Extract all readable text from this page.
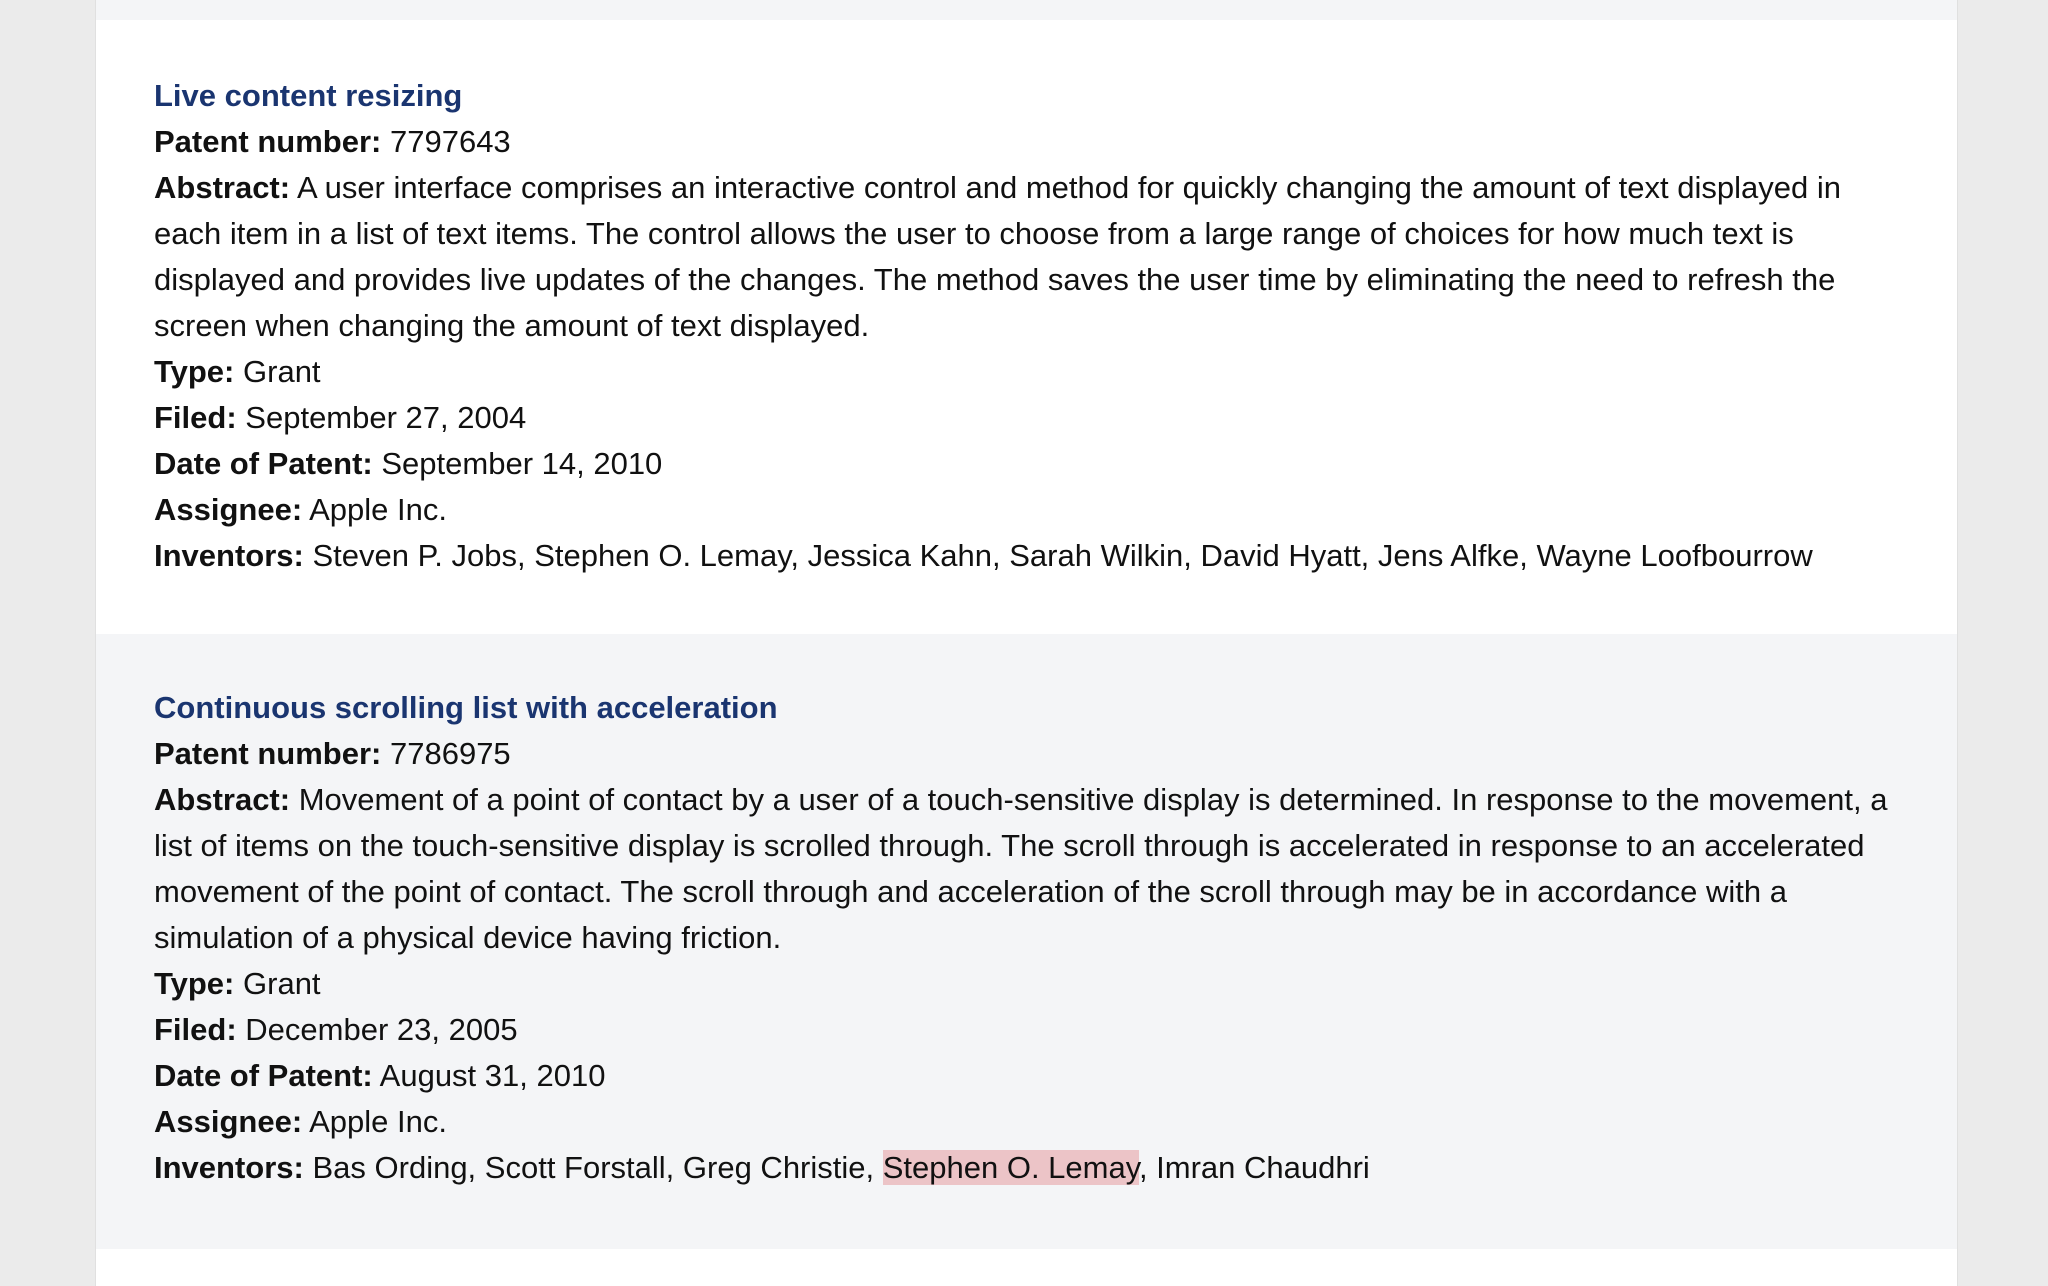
Live content resizing

Patent number: 7797643

Abstract: A user interface comprises an interactive control and method for quickly changing the amount of text displayed in each item in a list of text items. The control allows the user to choose from a large range of choices for how much text is displayed and provides live updates of the changes. The method saves the user time by eliminating the need to refresh the screen when changing the amount of text displayed.

Type: Grant

Filed: September 27, 2004

Date of Patent: September 14, 2010

Assignee: Apple Inc.

Inventors: Steven P. Jobs, Stephen O. Lemay, Jessica Kahn, Sarah Wilkin, David Hyatt, Jens Alfke, Wayne Loofbourrow

Continuous scrolling list with acceleration

Patent number: 7786975

Abstract: Movement of a point of contact by a user of a touch-sensitive display is determined. In response to the movement, a list of items on the touch-sensitive display is scrolled through. The scroll through is accelerated in response to an accelerated movement of the point of contact. The scroll through and acceleration of the scroll through may be in accordance with a simulation of a physical device having friction.

Type: Grant

Filed: December 23, 2005

Date of Patent: August 31, 2010

Assignee: Apple Inc.

Inventors: Bas Ording, Scott Forstall, Greg Christie, Stephen O. Lemay, Imran Chaudhri
